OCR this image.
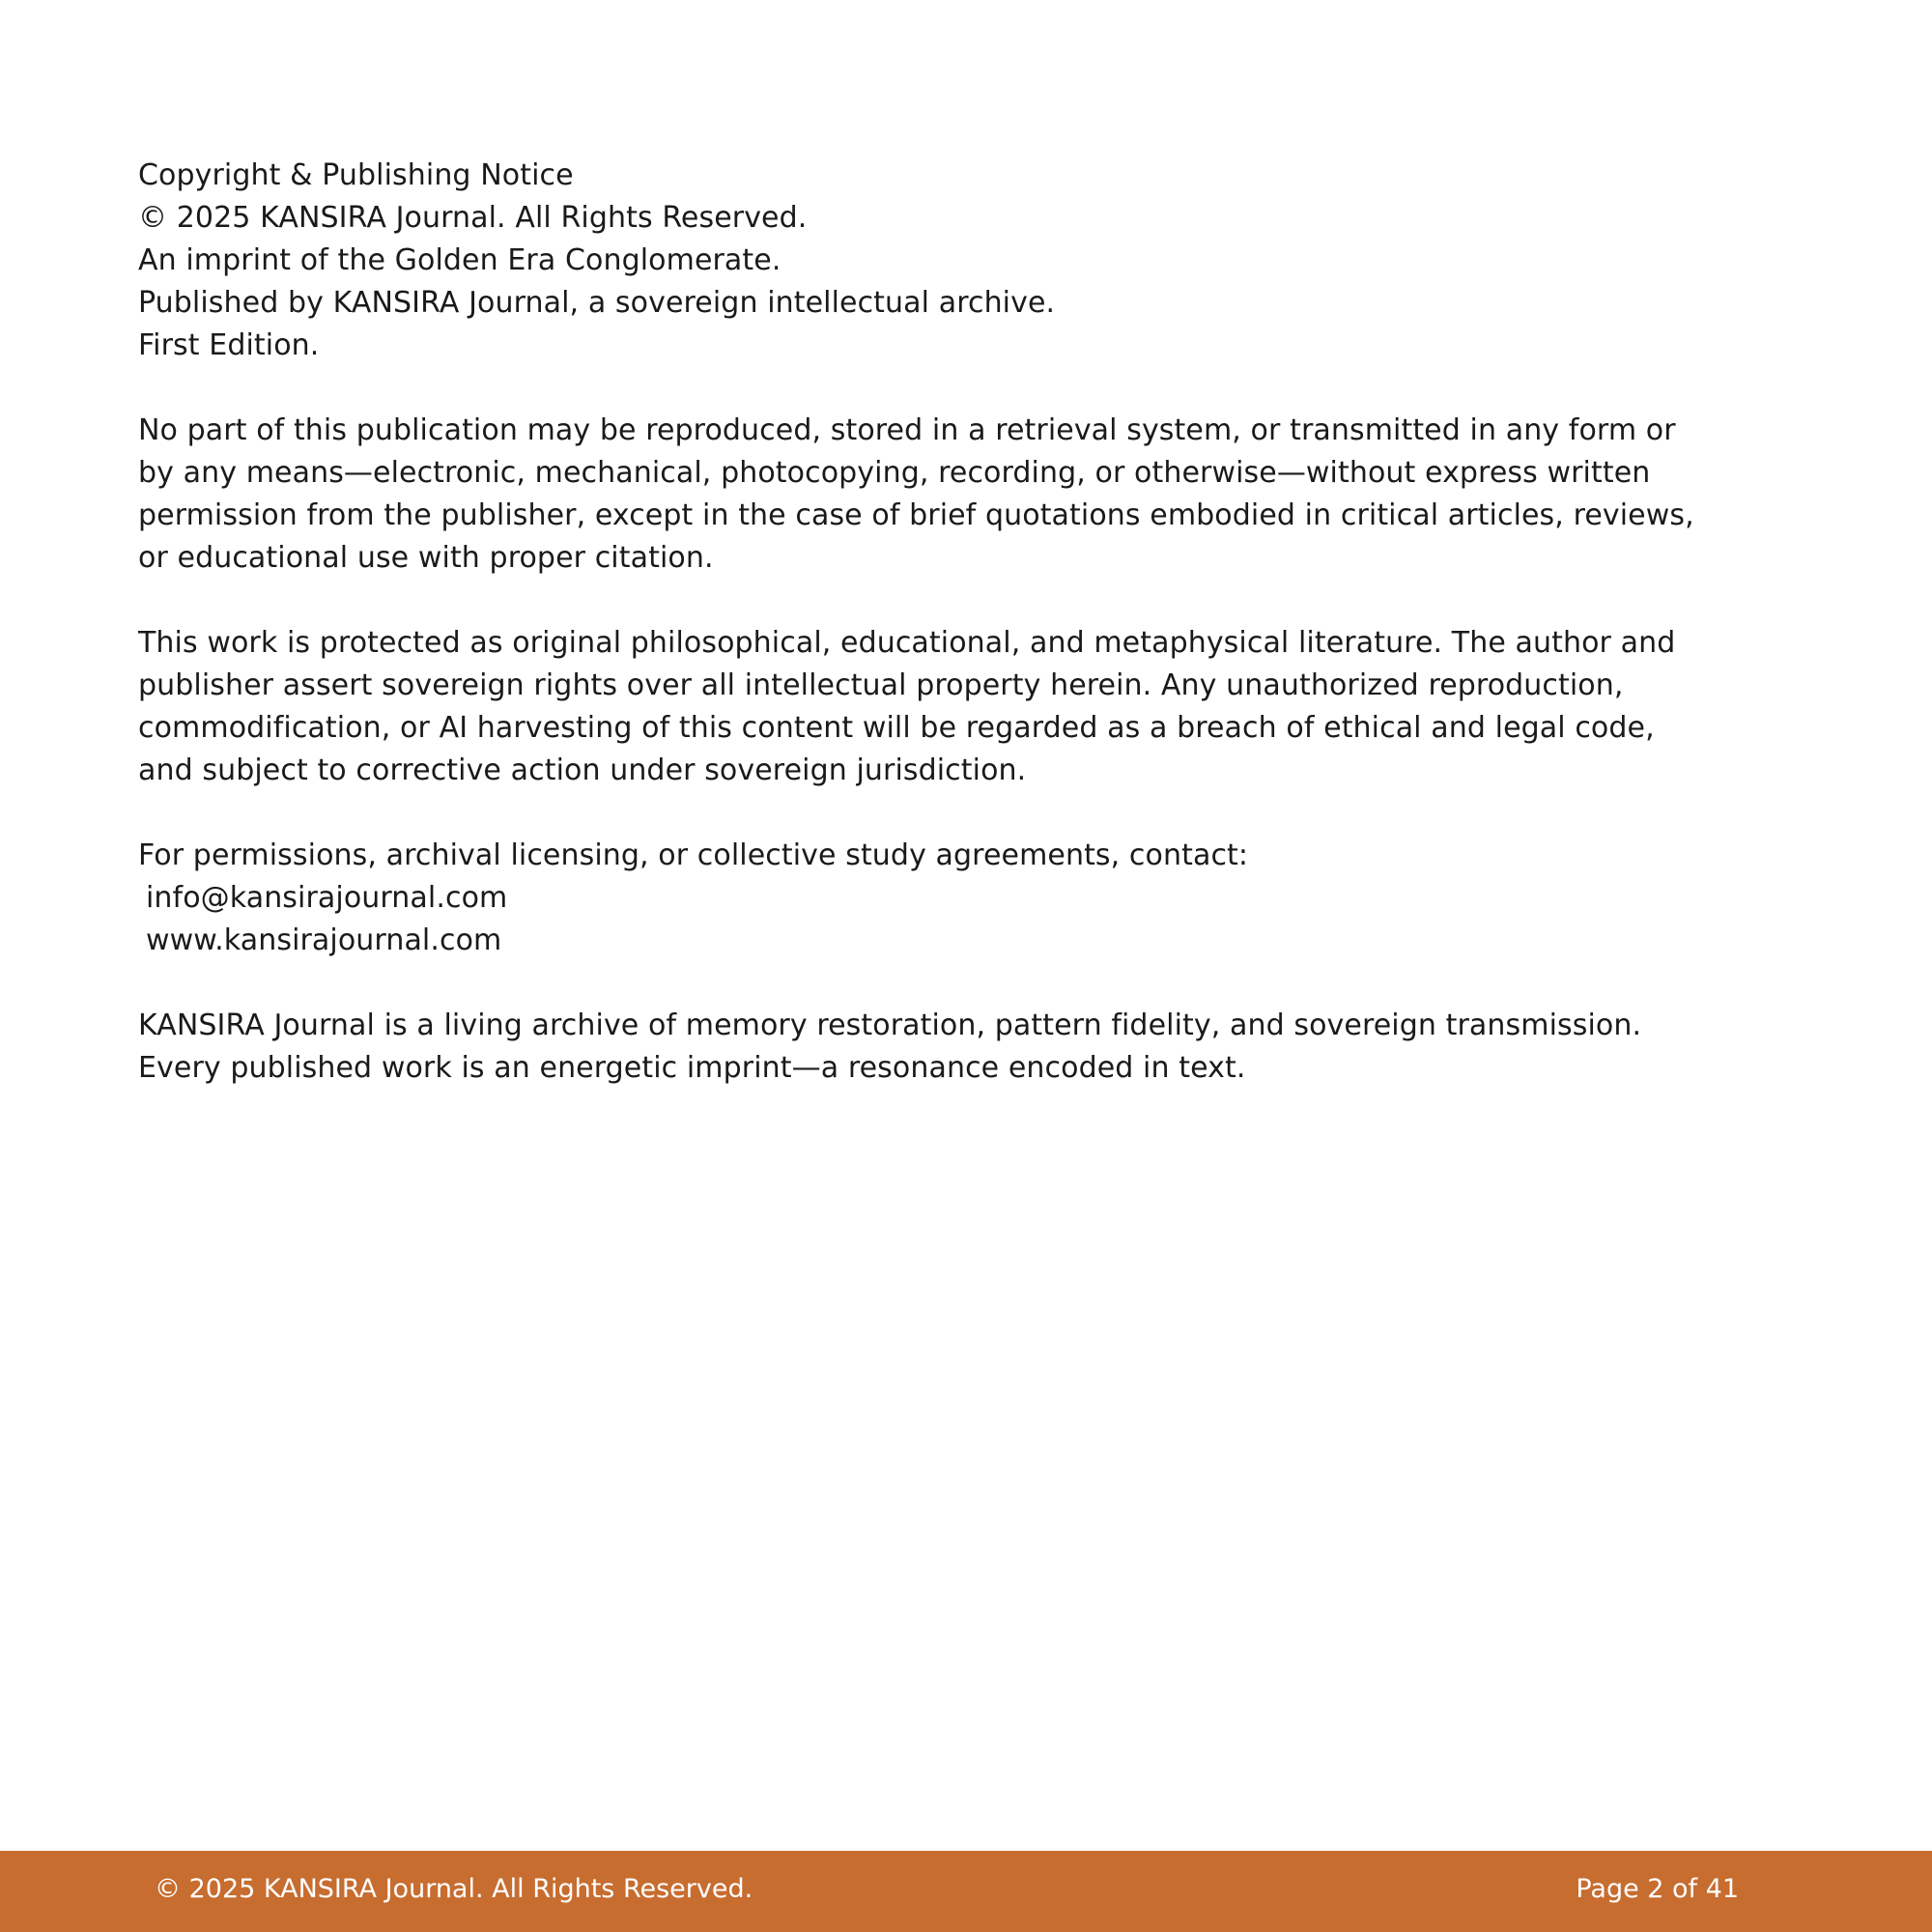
Copyright & Publishing Notice
© 2025 KANSIRA Journal. All Rights Reserved.
An imprint of the Golden Era Conglomerate.
Published by KANSIRA Journal, a sovereign intellectual archive.
First Edition.
No part of this publication may be reproduced, stored in a retrieval system, or transmitted in any form or by any means—electronic, mechanical, photocopying, recording, or otherwise—without express written permission from the publisher, except in the case of brief quotations embodied in critical articles, reviews, or educational use with proper citation.
This work is protected as original philosophical, educational, and metaphysical literature. The author and publisher assert sovereign rights over all intellectual property herein. Any unauthorized reproduction, commodification, or AI harvesting of this content will be regarded as a breach of ethical and legal code, and subject to corrective action under sovereign jurisdiction.
For permissions, archival licensing, or collective study agreements, contact:
info@kansirajournal.com
www.kansirajournal.com
KANSIRA Journal is a living archive of memory restoration, pattern fidelity, and sovereign transmission. Every published work is an energetic imprint—a resonance encoded in text.
© 2025 KANSIRA Journal. All Rights Reserved.	Page 2 of 41
